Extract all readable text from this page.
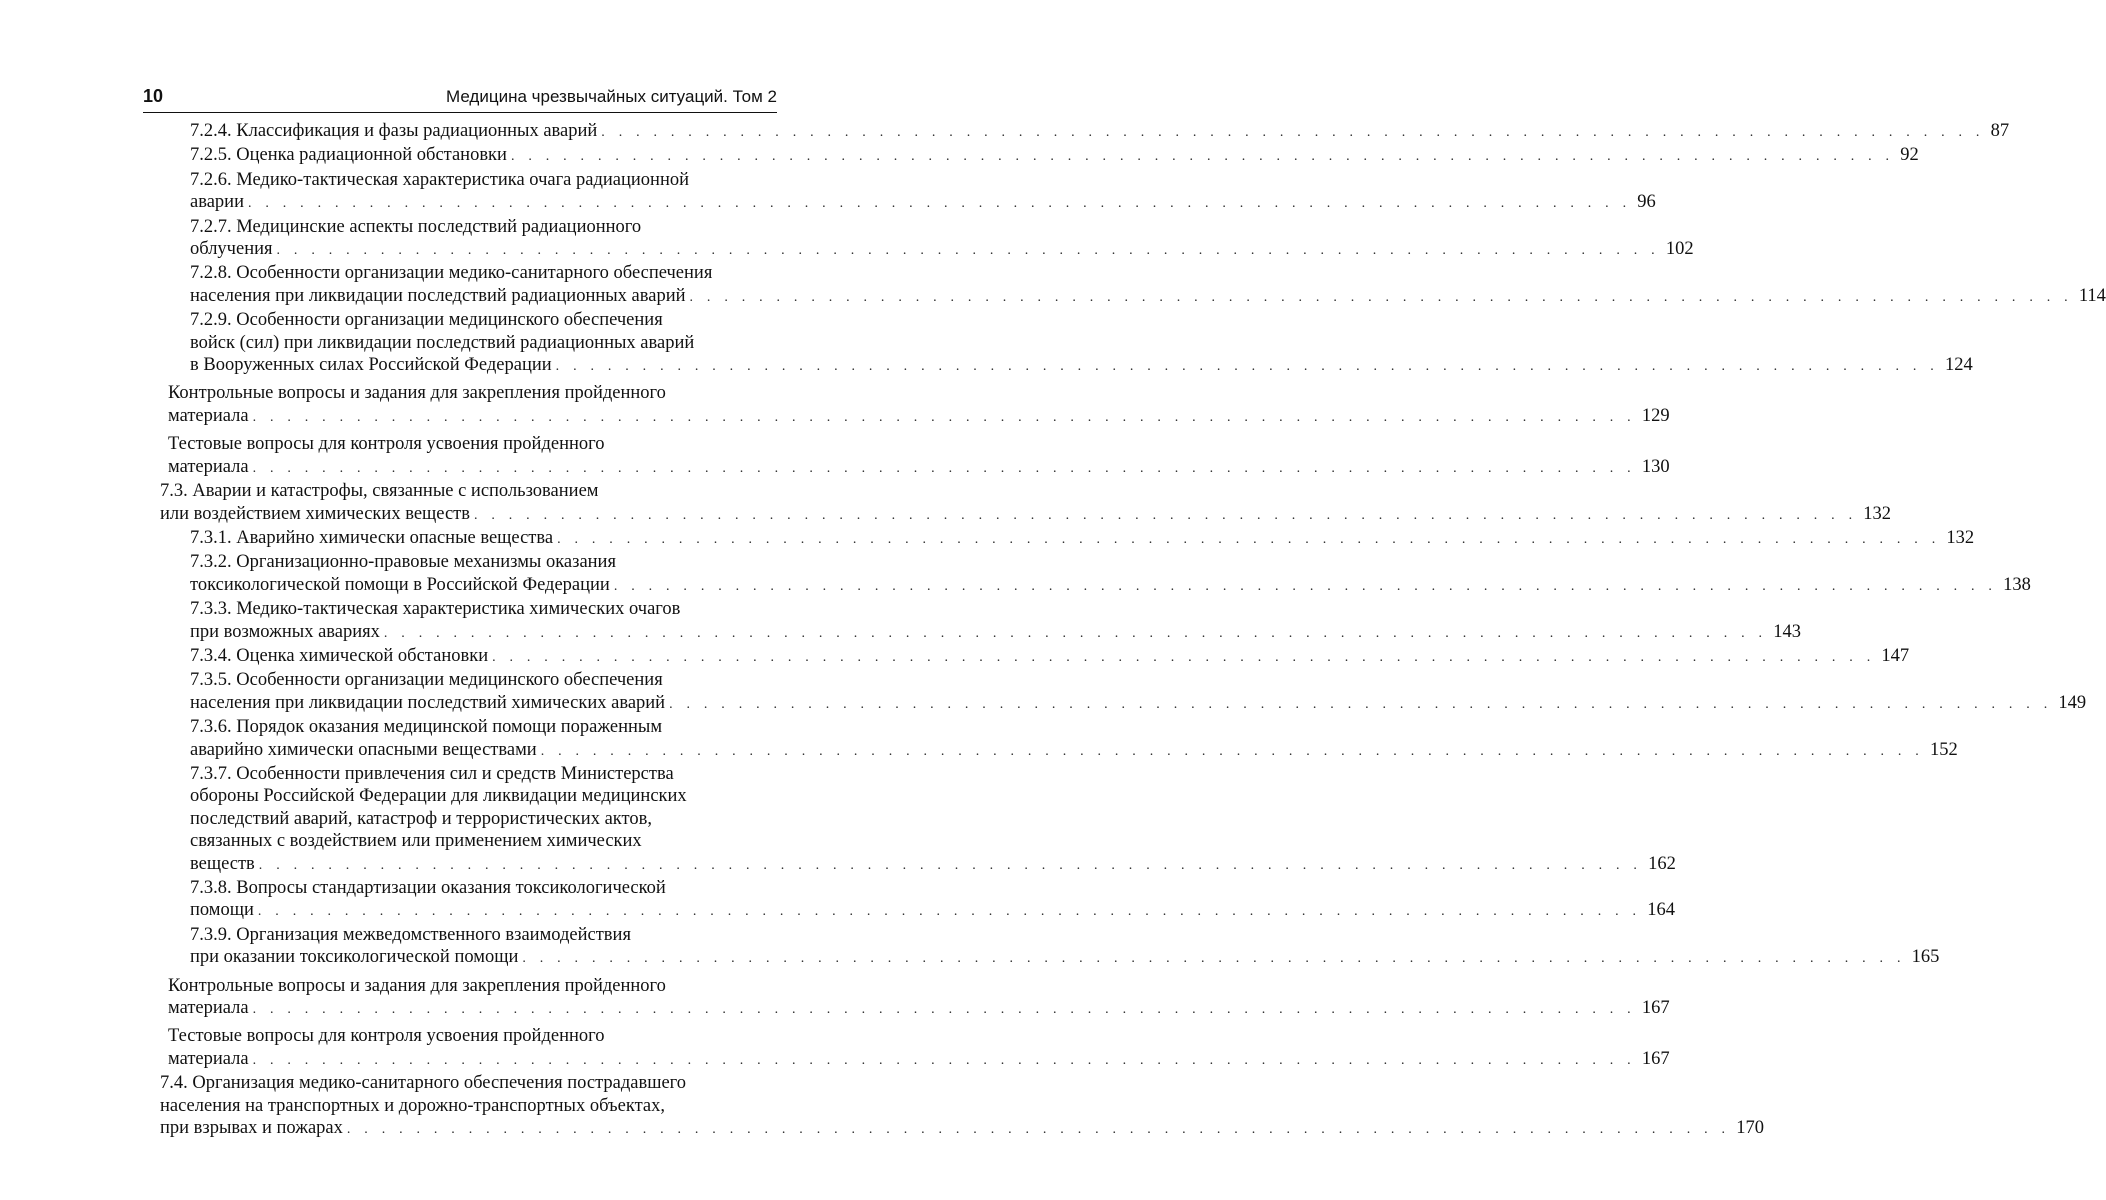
10	Медицина чрезвычайных ситуаций. Том 2
7.2.4. Классификация и фазы радиационных аварий . . . . . . . . . . . . . . . . . . . . . . . . . . . . . . . . . . . . . . . . . . . . . . . . . . . . . . . . . . . . . . . . . . . . . . . . . . . . . . . . 87
7.2.5. Оценка радиационной обстановки . . . . . . . . . . . . . . . . . . . . . . . . . . . . . . . . . . . . . . . . . . . . . . . . . . . . . . . . . . . . . . . . . . . . . . . . . . . . . . . . 92
7.2.6. Медико-тактическая характеристика очага радиационной
аварии . . . . . . . . . . . . . . . . . . . . . . . . . . . . . . . . . . . . . . . . . . . . . . . . . . . . . . . . . . . . . . . . . . . . . . . . . . . . . . . . 96
7.2.7. Медицинские аспекты последствий радиационного
облучения . . . . . . . . . . . . . . . . . . . . . . . . . . . . . . . . . . . . . . . . . . . . . . . . . . . . . . . . . . . . . . . . . . . . . . . . . . . . . . . . 102
7.2.8. Особенности организации медико-санитарного обеспечения
населения при ликвидации последствий радиационных аварий . . . . . . . . . . . . . . . . . . . . . . . . . . . . . . . . . . . . . . . . . . . . . . . . . . . . . . . . . . . . . . . . . . . . . . . . . . . . . . . . 114
7.2.9. Особенности организации медицинского обеспечения
войск (сил) при ликвидации последствий радиационных аварий
в Вооруженных силах Российской Федерации . . . . . . . . . . . . . . . . . . . . . . . . . . . . . . . . . . . . . . . . . . . . . . . . . . . . . . . . . . . . . . . . . . . . . . . . . . . . . . . . 124
Контрольные вопросы и задания для закрепления пройденного
материала . . . . . . . . . . . . . . . . . . . . . . . . . . . . . . . . . . . . . . . . . . . . . . . . . . . . . . . . . . . . . . . . . . . . . . . . . . . . . . . . 129
Тестовые вопросы для контроля усвоения пройденного
материала . . . . . . . . . . . . . . . . . . . . . . . . . . . . . . . . . . . . . . . . . . . . . . . . . . . . . . . . . . . . . . . . . . . . . . . . . . . . . . . . 130
7.3. Аварии и катастрофы, связанные с использованием
или воздействием химических веществ . . . . . . . . . . . . . . . . . . . . . . . . . . . . . . . . . . . . . . . . . . . . . . . . . . . . . . . . . . . . . . . . . . . . . . . . . . . . . . . . 132
7.3.1. Аварийно химически опасные вещества . . . . . . . . . . . . . . . . . . . . . . . . . . . . . . . . . . . . . . . . . . . . . . . . . . . . . . . . . . . . . . . . . . . . . . . . . . . . . . . . 132
7.3.2. Организационно-правовые механизмы оказания
токсикологической помощи в Российской Федерации . . . . . . . . . . . . . . . . . . . . . . . . . . . . . . . . . . . . . . . . . . . . . . . . . . . . . . . . . . . . . . . . . . . . . . . . . . . . . . . . 138
7.3.3. Медико-тактическая характеристика химических очагов
при возможных авариях . . . . . . . . . . . . . . . . . . . . . . . . . . . . . . . . . . . . . . . . . . . . . . . . . . . . . . . . . . . . . . . . . . . . . . . . . . . . . . . . 143
7.3.4. Оценка химической обстановки . . . . . . . . . . . . . . . . . . . . . . . . . . . . . . . . . . . . . . . . . . . . . . . . . . . . . . . . . . . . . . . . . . . . . . . . . . . . . . . . 147
7.3.5. Особенности организации медицинского обеспечения
населения при ликвидации последствий химических аварий . . . . . . . . . . . . . . . . . . . . . . . . . . . . . . . . . . . . . . . . . . . . . . . . . . . . . . . . . . . . . . . . . . . . . . . . . . . . . . . . 149
7.3.6. Порядок оказания медицинской помощи пораженным
аварийно химически опасными веществами . . . . . . . . . . . . . . . . . . . . . . . . . . . . . . . . . . . . . . . . . . . . . . . . . . . . . . . . . . . . . . . . . . . . . . . . . . . . . . . . 152
7.3.7. Особенности привлечения сил и средств Министерства
обороны Российской Федерации для ликвидации медицинских
последствий аварий, катастроф и террористических актов,
связанных с воздействием или применением химических
веществ . . . . . . . . . . . . . . . . . . . . . . . . . . . . . . . . . . . . . . . . . . . . . . . . . . . . . . . . . . . . . . . . . . . . . . . . . . . . . . . . 162
7.3.8. Вопросы стандартизации оказания токсикологической
помощи . . . . . . . . . . . . . . . . . . . . . . . . . . . . . . . . . . . . . . . . . . . . . . . . . . . . . . . . . . . . . . . . . . . . . . . . . . . . . . . . 164
7.3.9. Организация межведомственного взаимодействия
при оказании токсикологической помощи . . . . . . . . . . . . . . . . . . . . . . . . . . . . . . . . . . . . . . . . . . . . . . . . . . . . . . . . . . . . . . . . . . . . . . . . . . . . . . . . 165
Контрольные вопросы и задания для закрепления пройденного
материала . . . . . . . . . . . . . . . . . . . . . . . . . . . . . . . . . . . . . . . . . . . . . . . . . . . . . . . . . . . . . . . . . . . . . . . . . . . . . . . . 167
Тестовые вопросы для контроля усвоения пройденного
материала . . . . . . . . . . . . . . . . . . . . . . . . . . . . . . . . . . . . . . . . . . . . . . . . . . . . . . . . . . . . . . . . . . . . . . . . . . . . . . . . 167
7.4. Организация медико-санитарного обеспечения пострадавшего
населения на транспортных и дорожно-транспортных объектах,
при взрывах и пожарах . . . . . . . . . . . . . . . . . . . . . . . . . . . . . . . . . . . . . . . . . . . . . . . . . . . . . . . . . . . . . . . . . . . . . . . . . . . . . . . . 170
